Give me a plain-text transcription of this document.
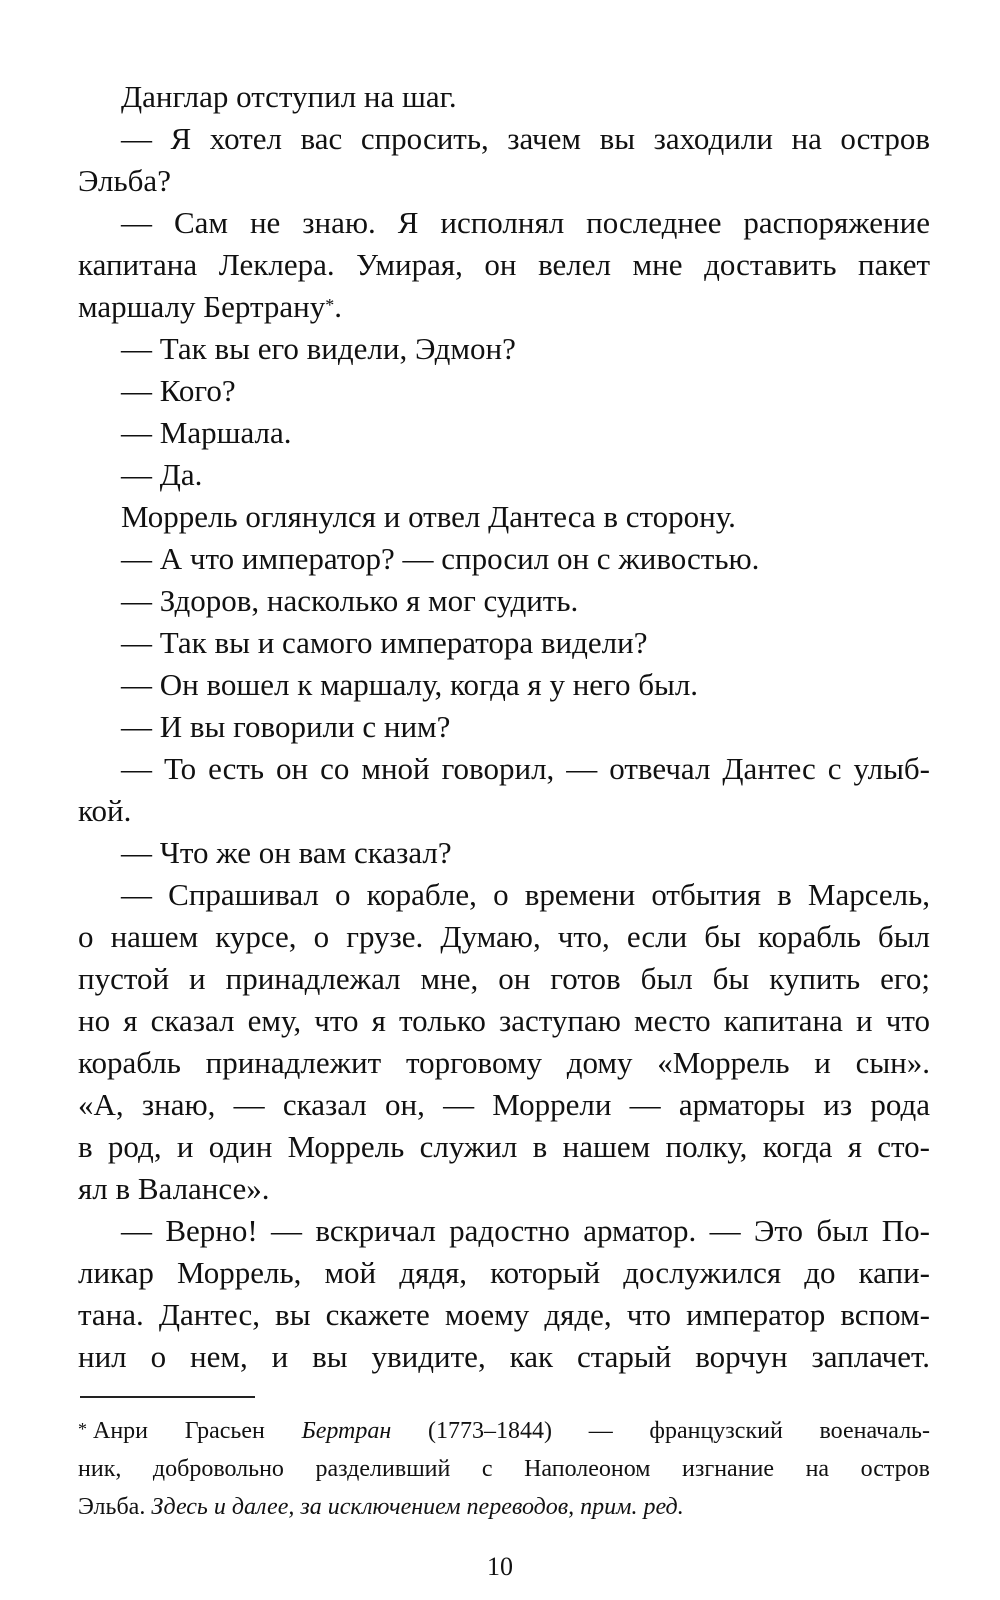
Данглар отступил на шаг.
— Я хотел вас спросить, зачем вы заходили на остров
Эльба?
— Сам не знаю. Я исполнял последнее распоряжение
капитана Леклера. Умирая, он велел мне доставить пакет
маршалу Бертрану*.
— Так вы его видели, Эдмон?
— Кого?
— Маршала.
— Да.
Моррель оглянулся и отвел Дантеса в сторону.
— А что император? — спросил он с живостью.
— Здоров, насколько я мог судить.
— Так вы и самого императора видели?
— Он вошел к маршалу, когда я у него был.
— И вы говорили с ним?
— То есть он со мной говорил, — отвечал Дантес с улыб-
кой.
— Что же он вам сказал?
— Спрашивал о корабле, о времени отбытия в Марсель,
о нашем курсе, о грузе. Думаю, что, если бы корабль был
пустой и принадлежал мне, он готов был бы купить его;
но я сказал ему, что я только заступаю место капитана и что
корабль принадлежит торговому дому «Моррель и сын».
«А, знаю, — сказал он, — Моррели — арматоры из рода
в род, и один Моррель служил в нашем полку, когда я сто-
ял в Валансе».
— Верно! — вскричал радостно арматор. — Это был По-
ликар Моррель, мой дядя, который дослужился до капи-
тана. Дантес, вы скажете моему дяде, что император вспом-
нил о нем, и вы увидите, как старый ворчун заплачет.
* Анри Грасьен Бертран (1773–1844) — французский военачаль-
ник, добровольно разделивший с Наполеоном изгнание на остров
Эльба. Здесь и далее, за исключением переводов, прим. ред.
10
